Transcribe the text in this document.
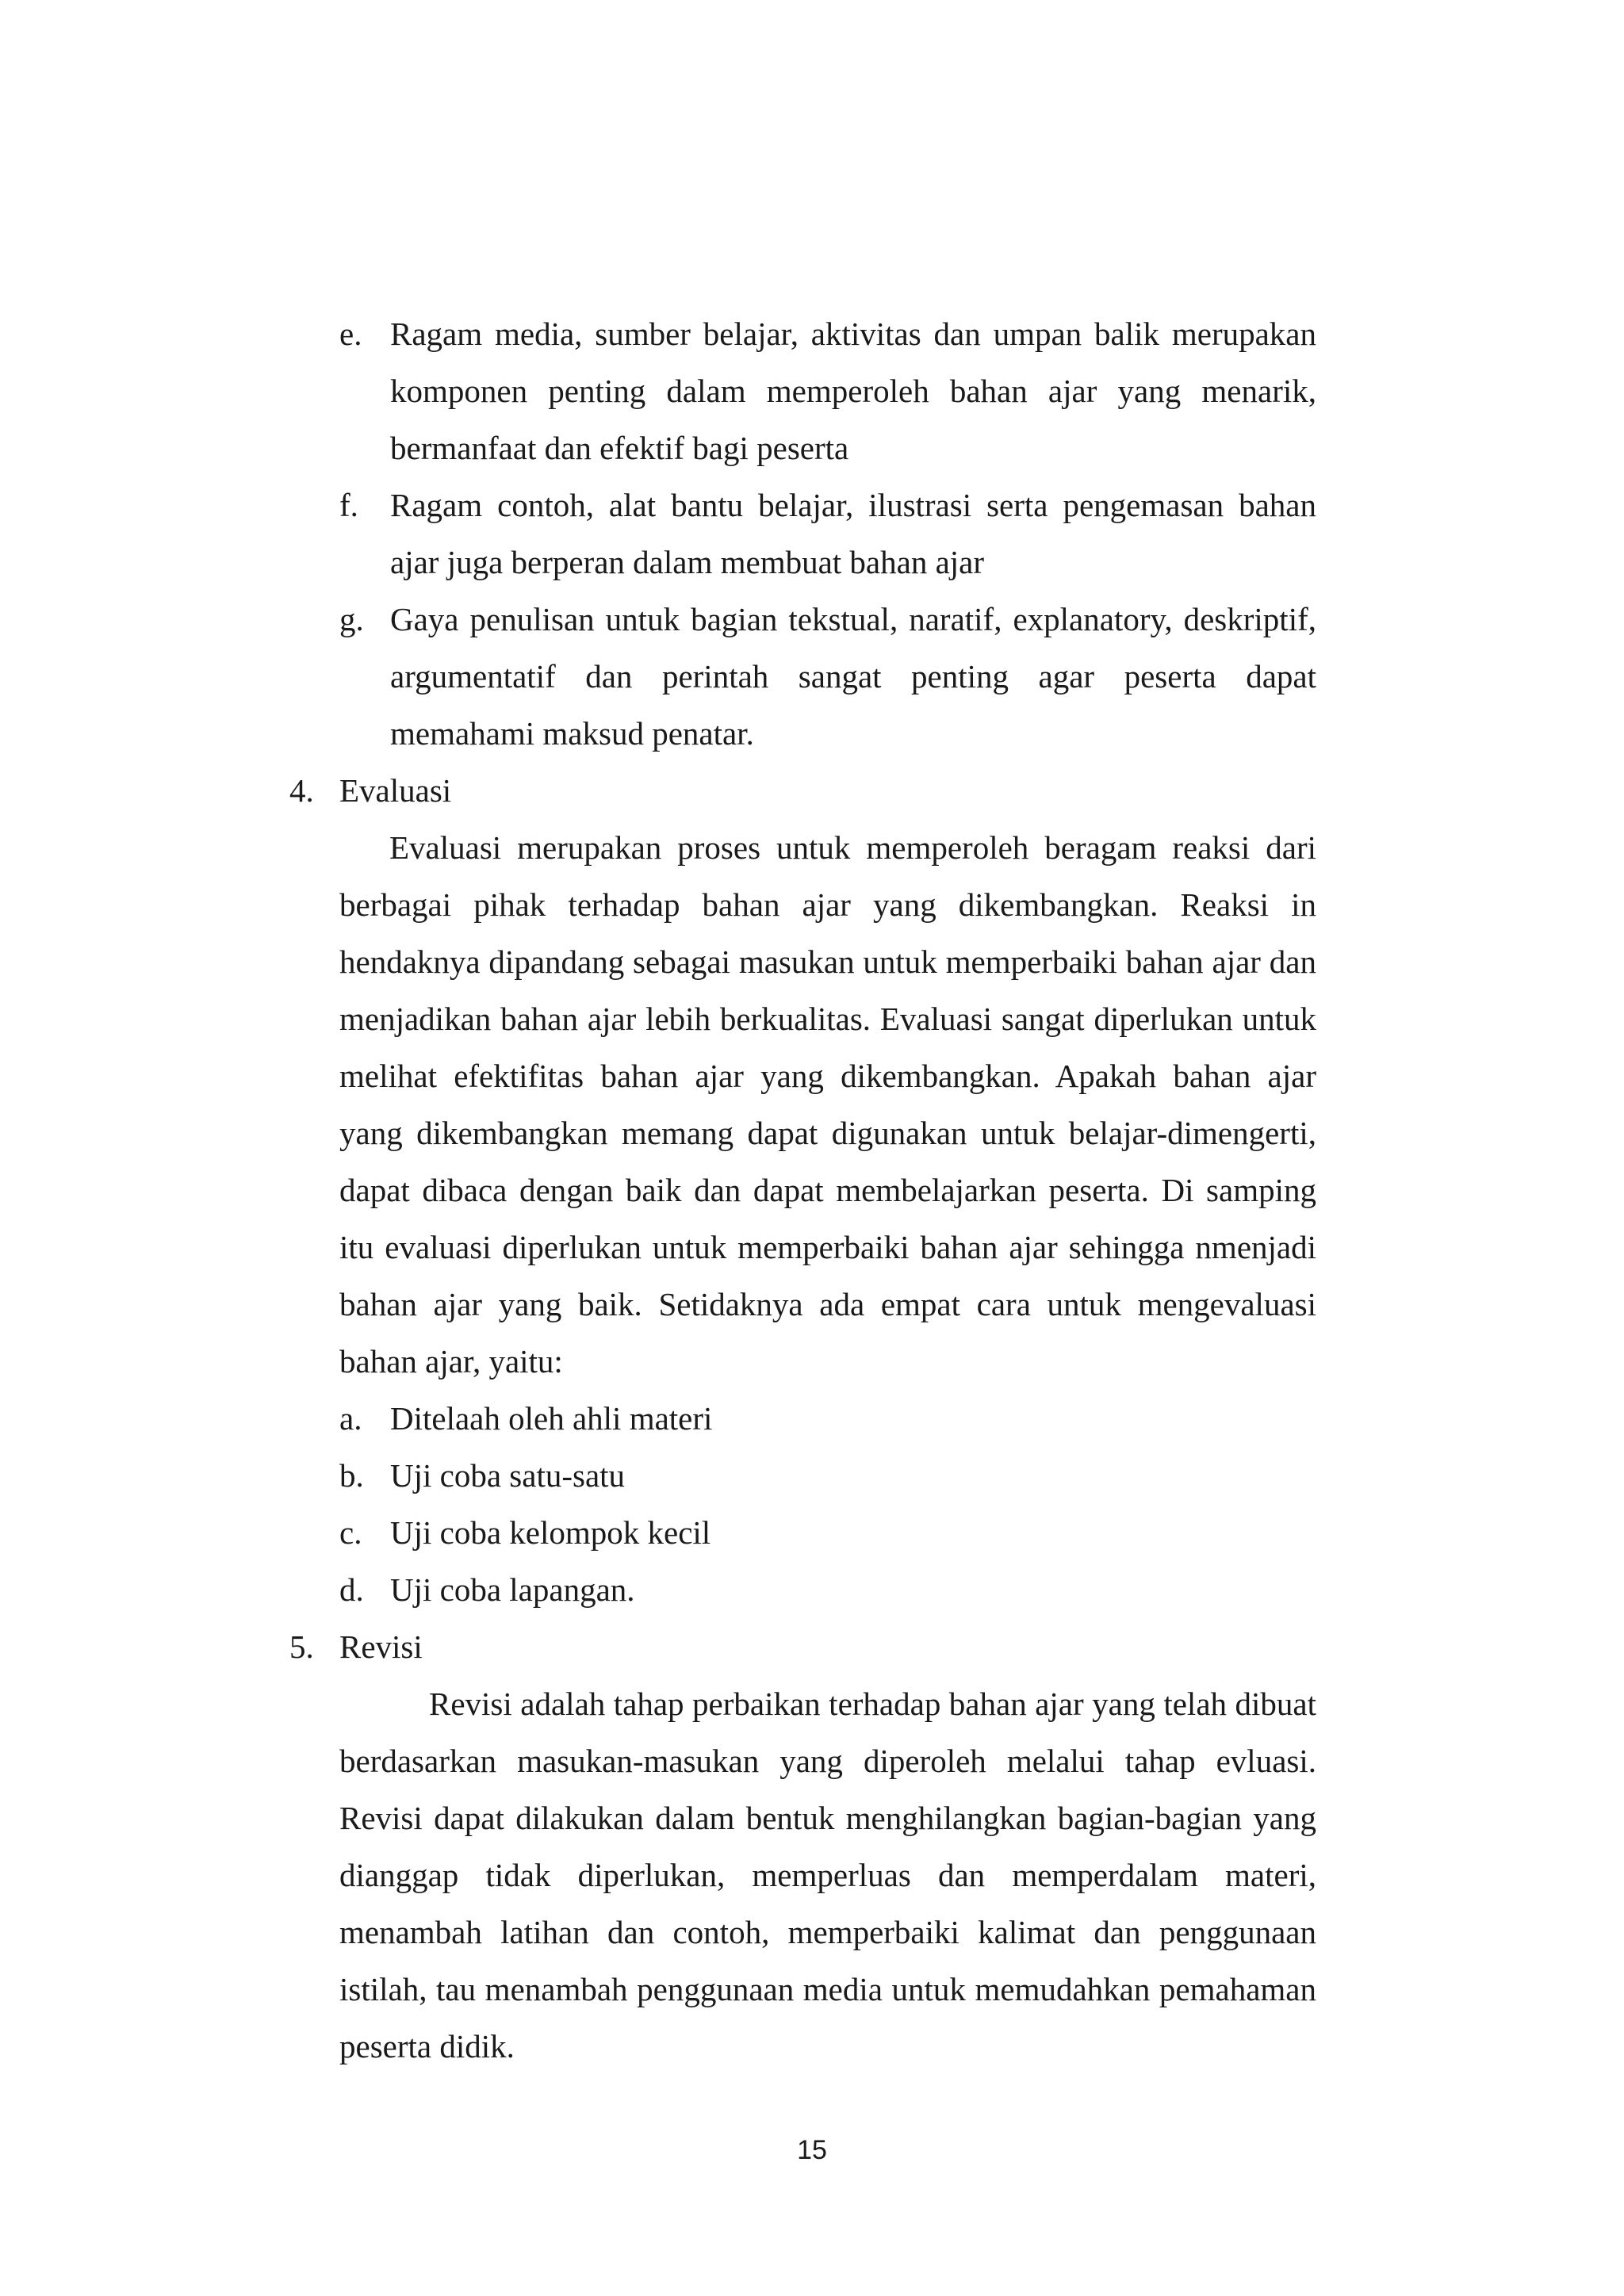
e. Ragam media, sumber belajar, aktivitas dan umpan balik merupakan komponen penting dalam memperoleh bahan ajar yang menarik, bermanfaat dan efektif bagi peserta
f. Ragam contoh, alat bantu belajar, ilustrasi serta pengemasan bahan ajar juga berperan dalam membuat bahan ajar
g. Gaya penulisan untuk bagian tekstual, naratif, explanatory, deskriptif, argumentatif dan perintah sangat penting agar peserta dapat memahami maksud penatar.
4. Evaluasi
Evaluasi merupakan proses untuk memperoleh beragam reaksi dari berbagai pihak terhadap bahan ajar yang dikembangkan. Reaksi in hendaknya dipandang sebagai masukan untuk memperbaiki bahan ajar dan menjadikan bahan ajar lebih berkualitas. Evaluasi sangat diperlukan untuk melihat efektifitas bahan ajar yang dikembangkan. Apakah bahan ajar yang dikembangkan memang dapat digunakan untuk belajar-dimengerti, dapat dibaca dengan baik dan dapat membelajarkan peserta. Di samping itu evaluasi diperlukan untuk memperbaiki bahan ajar sehingga nmenjadi bahan ajar yang baik. Setidaknya ada empat cara untuk mengevaluasi bahan ajar, yaitu:
a. Ditelaah oleh ahli materi
b. Uji coba satu-satu
c. Uji coba kelompok kecil
d. Uji coba lapangan.
5. Revisi
Revisi adalah tahap perbaikan terhadap bahan ajar yang telah dibuat berdasarkan masukan-masukan yang diperoleh melalui tahap evluasi. Revisi dapat dilakukan dalam bentuk menghilangkan bagian-bagian yang dianggap tidak diperlukan, memperluas dan memperdalam materi, menambah latihan dan contoh, memperbaiki kalimat dan penggunaan istilah, tau menambah penggunaan media untuk memudahkan pemahaman peserta didik.
15
